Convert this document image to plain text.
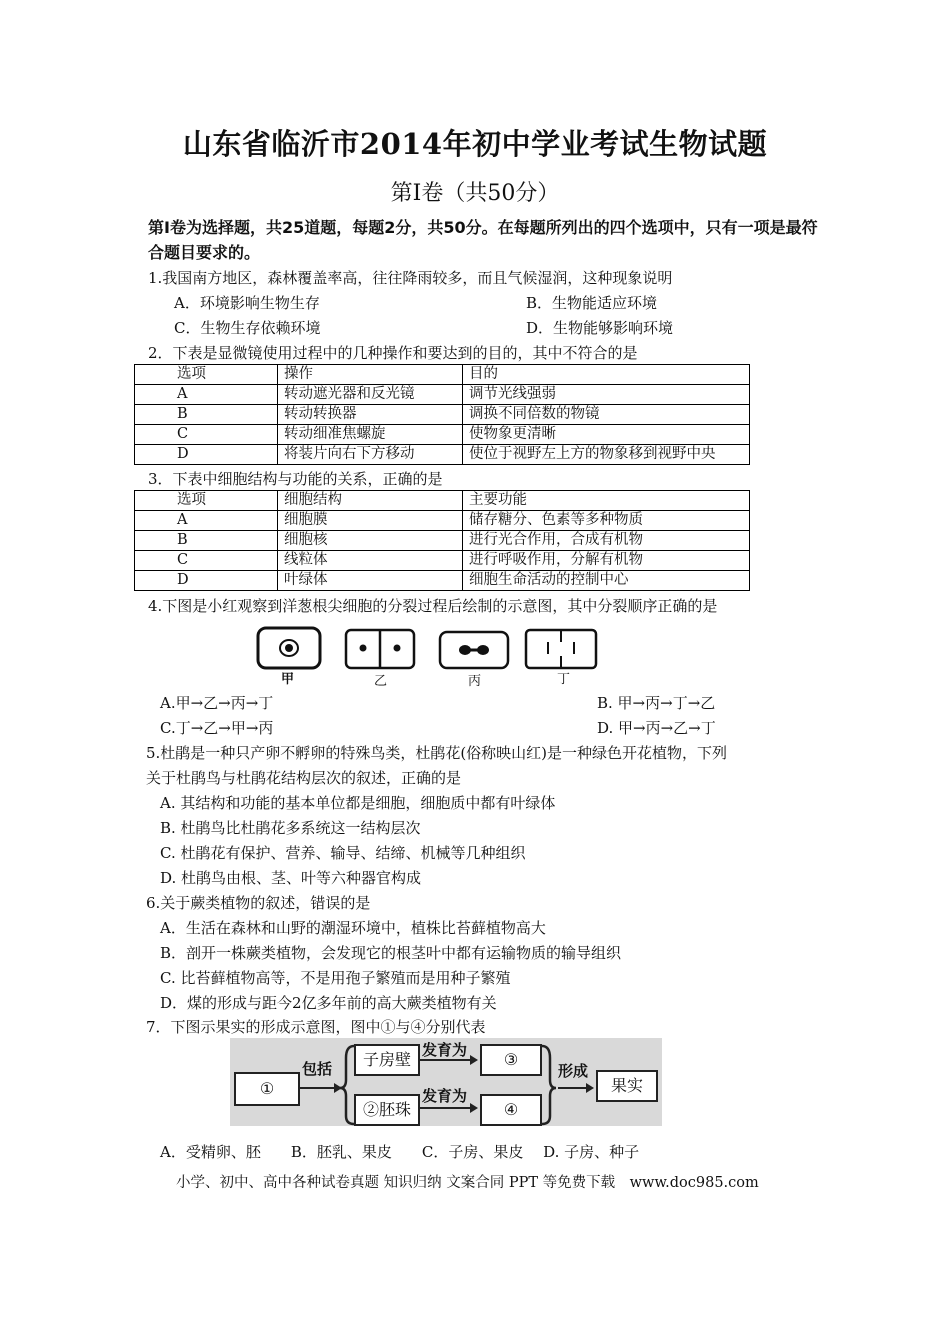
山东省临沂市2014年初中学业考试生物试题
第Ⅰ卷（共50分）
第Ⅰ卷为选择题，共25道题，每题2分，共50分。在每题所列出的四个选项中，只有一项是最符合题目要求的。
1.我国南方地区，森林覆盖率高，往往降雨较多，而且气候湿润，这种现象说明
A．环境影响生物生存	B．生物能适应环境
C．生物生存依赖环境	D．生物能够影响环境
2．下表是显微镜使用过程中的几种操作和要达到的目的，其中不符合的是
选项	操作	目的
A	转动遮光器和反光镜	调节光线强弱
B	转动转换器	调换不同倍数的物镜
C	转动细准焦螺旋	使物象更清晰
D	将装片向右下方移动	使位于视野左上方的物象移到视野中央
3．下表中细胞结构与功能的关系，正确的是
选项	细胞结构	主要功能
A	细胞膜	储存糖分、色素等多种物质
B	细胞核	进行光合作用，合成有机物
C	线粒体	进行呼吸作用，分解有机物
D	叶绿体	细胞生命活动的控制中心
4.下图是小红观察到洋葱根尖细胞的分裂过程后绘制的示意图，其中分裂顺序正确的是
甲	乙	丙	丁
A.甲→乙→丙→丁	B. 甲→丙→丁→乙
C.丁→乙→甲→丙	D. 甲→丙→乙→丁
5.杜鹃是一种只产卵不孵卵的特殊鸟类，杜鹃花(俗称映山红)是一种绿色开花植物，下列
关于杜鹃鸟与杜鹃花结构层次的叙述，正确的是
A. 其结构和功能的基本单位都是细胞，细胞质中都有叶绿体
B. 杜鹃鸟比杜鹃花多系统这一结构层次
C. 杜鹃花有保护、营养、输导、结缔、机械等几种组织
D. 杜鹃鸟由根、茎、叶等六种器官构成
6.关于蕨类植物的叙述，错误的是
A．生活在森林和山野的潮湿环境中，植株比苔藓植物高大
B．剖开一株蕨类植物，会发现它的根茎叶中都有运输物质的输导组织
C. 比苔藓植物高等，不是用孢子繁殖而是用种子繁殖
D．煤的形成与距今2亿多年前的高大蕨类植物有关
7．下图示果实的形成示意图，图中①与④分别代表
①
包括	子房壁
②胚珠
发育为
发育为
③
④
形成
果实
A．受精卵、胚　　B．胚乳、果皮　　C．子房、果皮　 D. 子房、种子
小学、初中、高中各种试卷真题 知识归纳 文案合同 PPT 等免费下载　www.doc985.com
